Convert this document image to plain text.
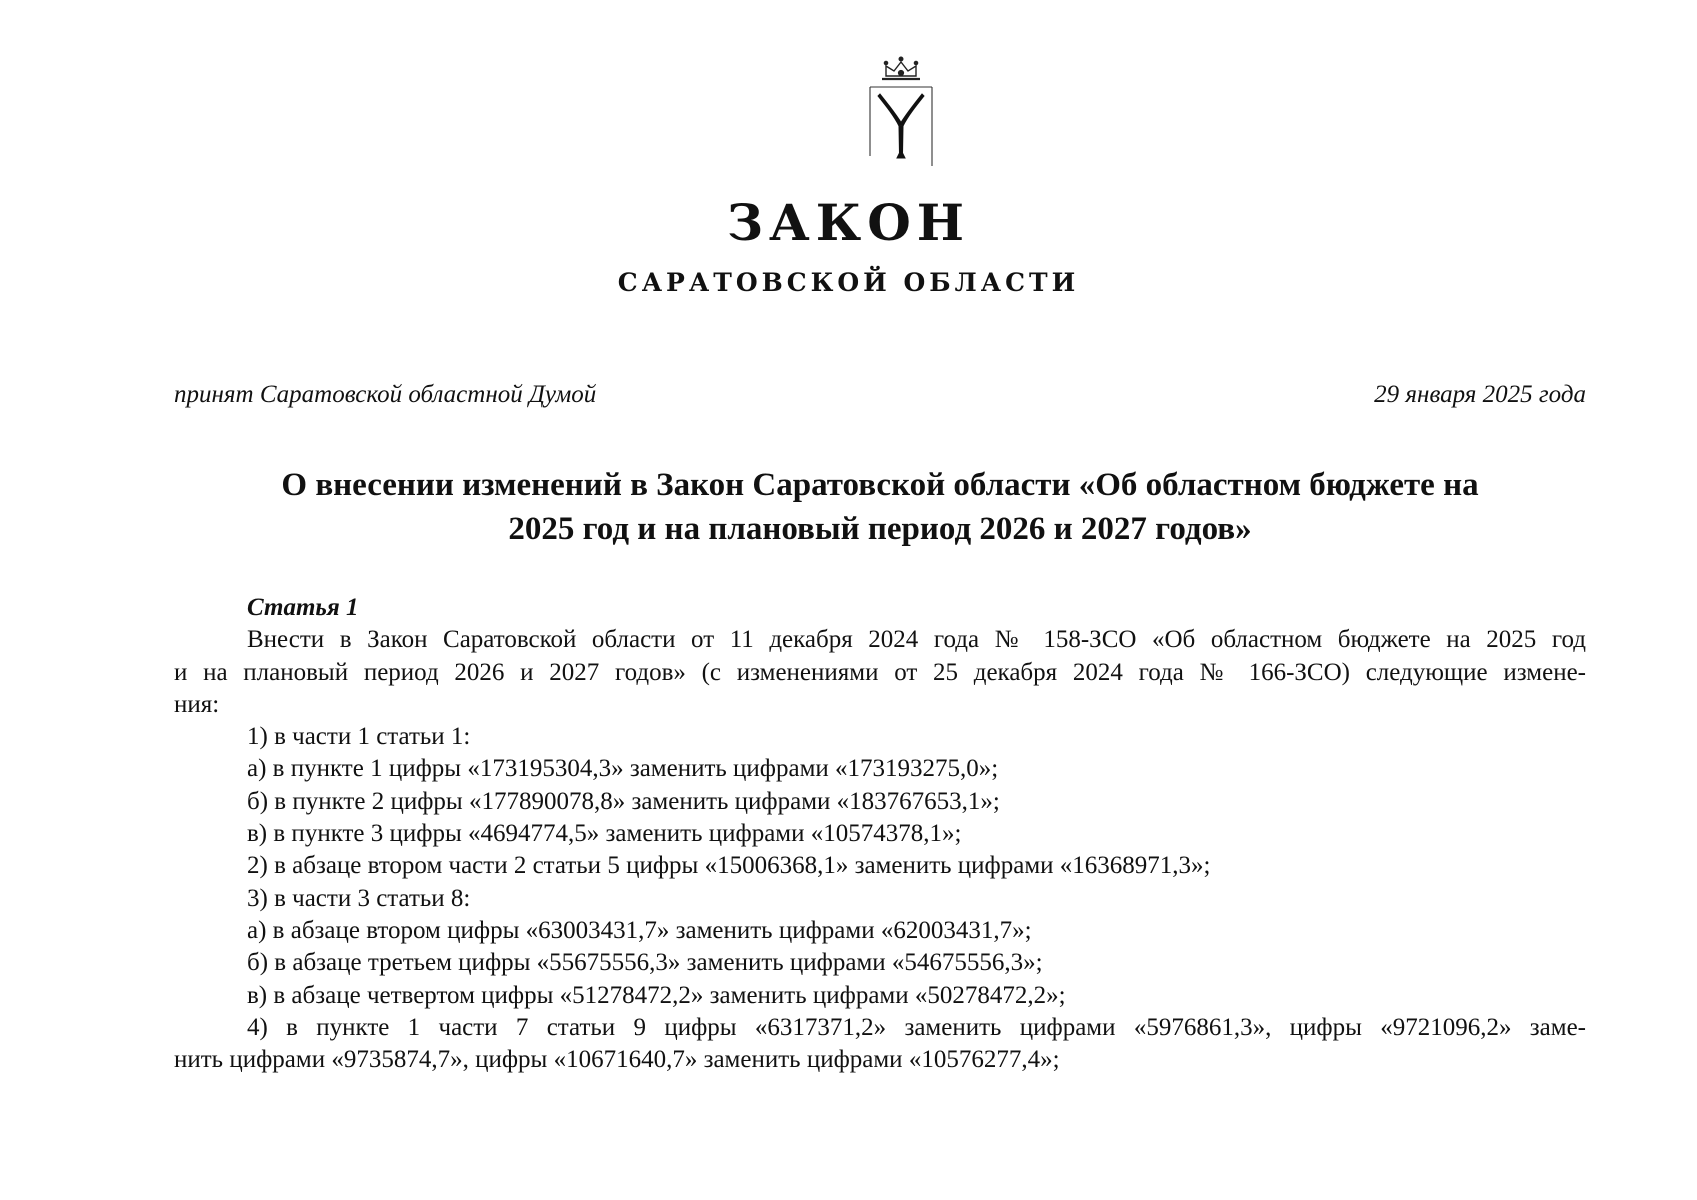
ЗАКОН
САРАТОВСКОЙ ОБЛАСТИ
принят Саратовской областной Думой	29 января 2025 года
О внесении изменений в Закон Саратовской области «Об областном бюджете на
2025 год и на плановый период 2026 и 2027 годов»

Статья 1

Внести в Закон Саратовской области от 11 декабря 2024 года № 158-ЗСО «Об областном бюджете на 2025 год
и на плановый период 2026 и 2027 годов» (с изменениями от 25 декабря 2024 года № 166-ЗСО) следующие измене-
ния:

1) в части 1 статьи 1:

а) в пункте 1 цифры «173195304,3» заменить цифрами «173193275,0»;

б) в пункте 2 цифры «177890078,8» заменить цифрами «183767653,1»;

в) в пункте 3 цифры «4694774,5» заменить цифрами «10574378,1»;

2) в абзаце втором части 2 статьи 5 цифры «15006368,1» заменить цифрами «16368971,3»;

3) в части 3 статьи 8:

а) в абзаце втором цифры «63003431,7» заменить цифрами «62003431,7»;

б) в абзаце третьем цифры «55675556,3» заменить цифрами «54675556,3»;

в) в абзаце четвертом цифры «51278472,2» заменить цифрами «50278472,2»;

4) в пункте 1 части 7 статьи 9 цифры «6317371,2» заменить цифрами «5976861,3», цифры «9721096,2» заме-
нить цифрами «9735874,7», цифры «10671640,7» заменить цифрами «10576277,4»;
